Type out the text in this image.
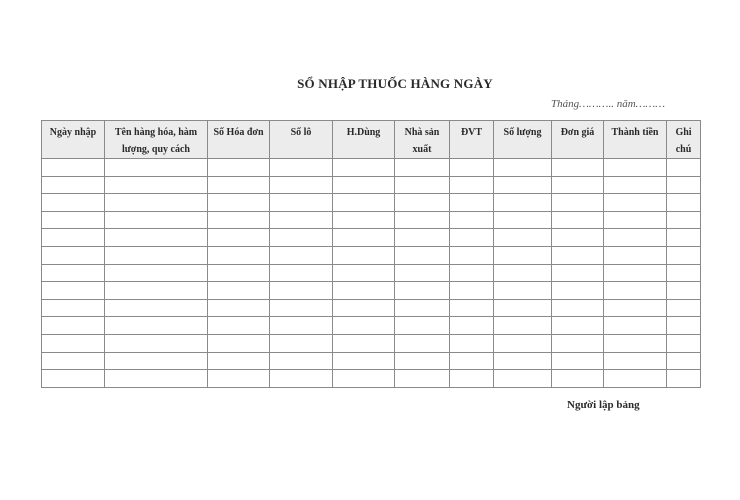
SỔ NHẬP THUỐC HÀNG NGÀY
Tháng……….. năm………
Ngày nhập	Tên hàng hóa, hàm lượng, quy cách	Số Hóa đơn	Số lô	H.Dùng	Nhà sản xuất	ĐVT	Số lượng	Đơn giá	Thành tiền	Ghi chú

Người lập bảng
